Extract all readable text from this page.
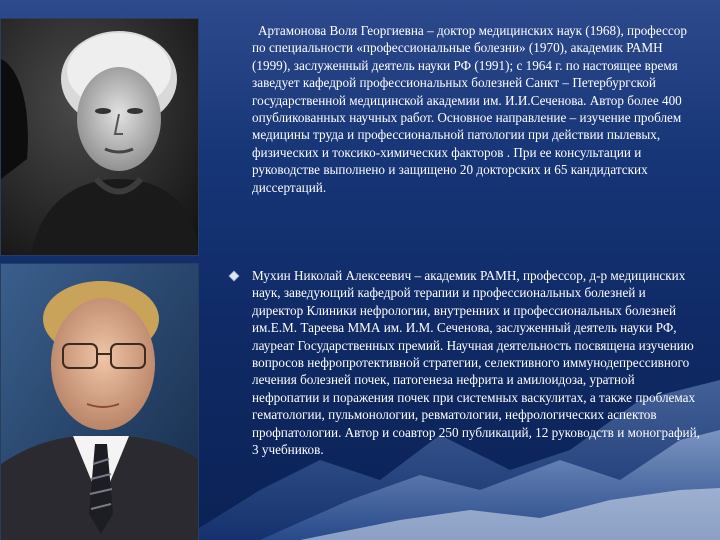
Артамонова Воля Георгиевна – доктор медицинских наук (1968), профессор по специальности «профессиональные болезни» (1970), академик РАМН (1999), заслуженный деятель науки РФ (1991); с 1964 г. по настоящее время заведует кафедрой профессиональных болезней Санкт – Петербургской государственной медицинской академии им. И.И.Сеченова. Автор более 400 опубликованных научных работ. Основное направление – изучение проблем медицины труда и профессиональной патологии при действии пылевых, физических и токсико-химических факторов . При ее консультации и руководстве выполнено и защищено 20 докторских и 65 кандидатских диссертаций.
Мухин Николай Алексеевич – академик РАМН, профессор, д-р медицинских наук, заведующий кафедрой терапии и профессиональных болезней и директор Клиники нефрологии, внутренних и профессиональных болезней им.Е.М. Тареева ММА им. И.М. Сеченова, заслуженный деятель науки РФ, лауреат Государственных премий. Научная деятельность посвящена изучению вопросов нефропротективной стратегии, селективного иммунодепрессивного лечения болезней почек, патогенеза нефрита и амилоидоза, уратной нефропатии и поражения почек при системных васкулитах, а также проблемах гематологии, пульмонологии, ревматологии, нефрологических аспектов профпатологии. Автор и соавтор 250 публикаций, 12 руководств и монографий, 3 учебников.
